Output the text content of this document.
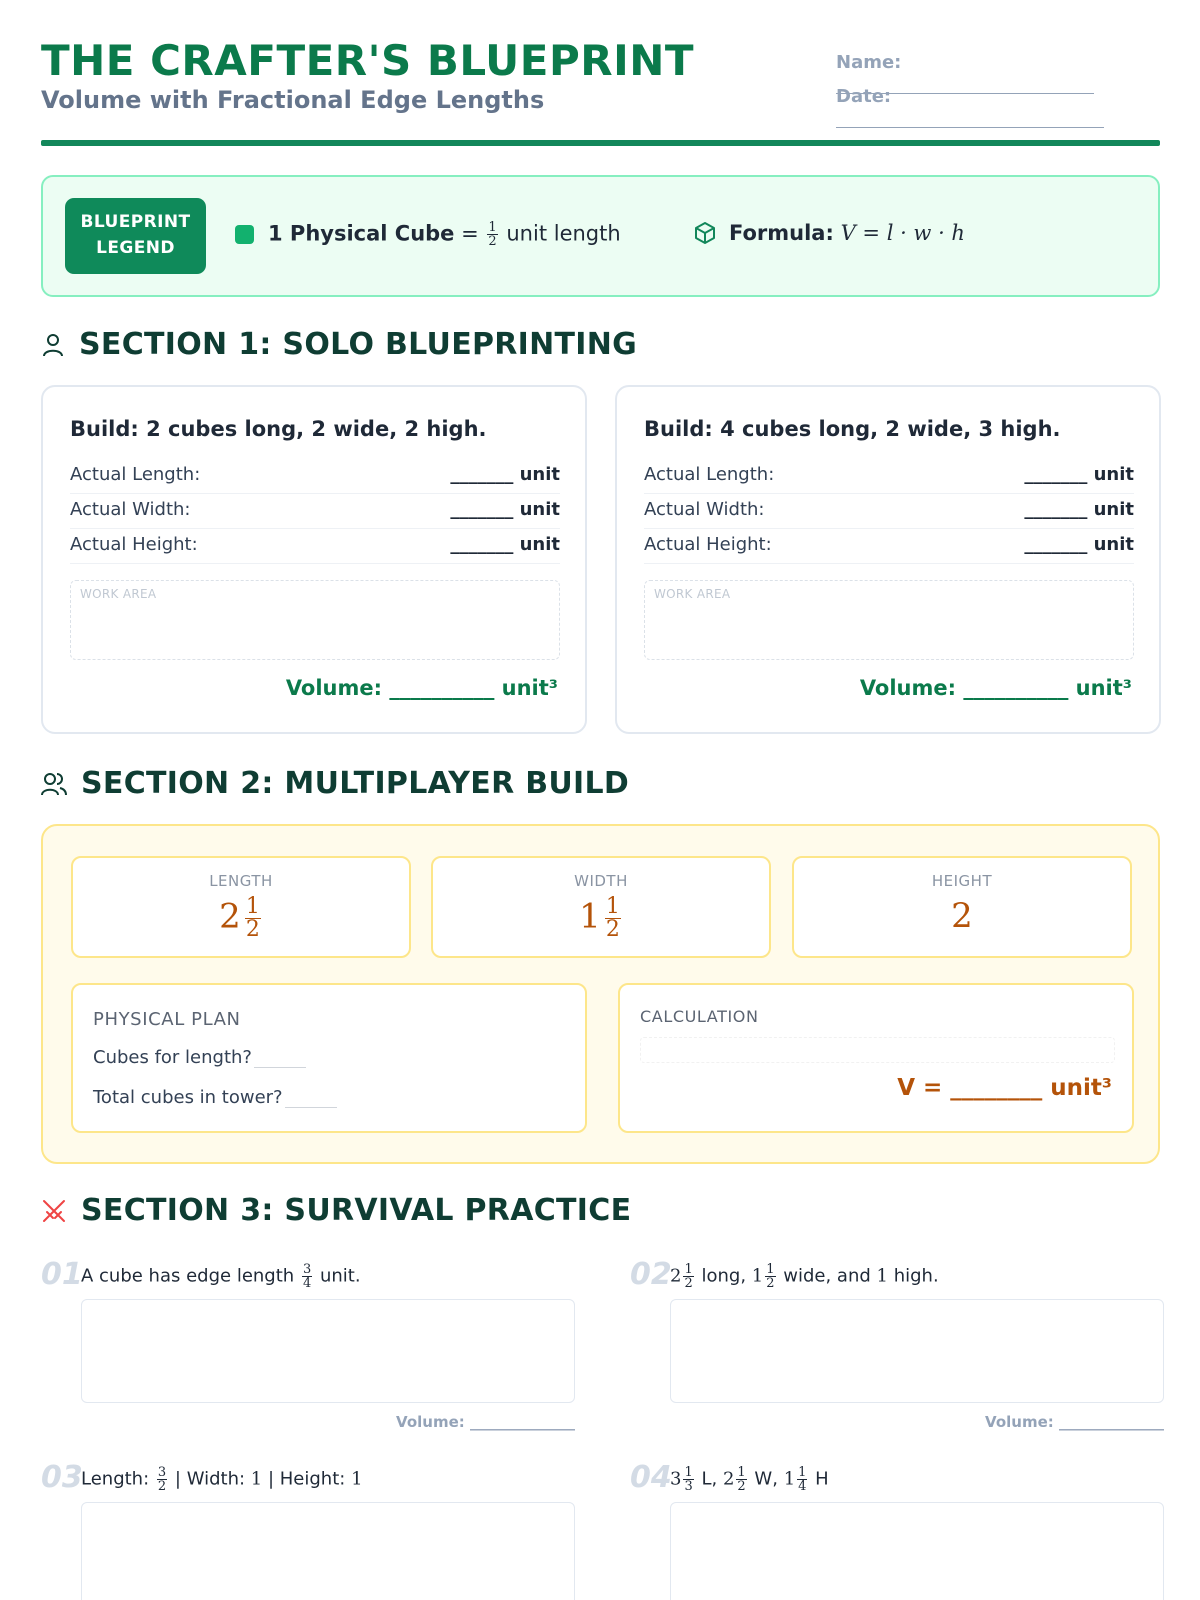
THE CRAFTER'S BLUEPRINT
Volume with Fractional Edge Lengths
Name:
Date:
BLUEPRINT
LEGEND
1 Physical Cube = $\frac{1}{2}$ unit length	Formula: V = l · w · h
SECTION 1: SOLO BLUEPRINTING
Build: 2 cubes long, 2 wide, 2 high.
Actual Length:	_______ unit
Actual Width:	_______ unit
Actual Height:	_______ unit
WORK AREA
Volume: __________ unit³
Build: 4 cubes long, 2 wide, 3 high.
Actual Length:	_______ unit
Actual Width:	_______ unit
Actual Height:	_______ unit
WORK AREA
Volume: __________ unit³
SECTION 2: MULTIPLAYER BUILD
LENGTH
$2 \frac{1}{2}$
WIDTH
$1 \frac{1}{2}$
HEIGHT
2
PHYSICAL PLAN
Cubes for length?
Total cubes in tower?
CALCULATION
V = ________ unit³
SECTION 3: SURVIVAL PRACTICE
01
A cube has edge length $\frac{3}{4}$ unit.
Volume: ______________
02
$2 \frac{1}{2}$ long, $1 \frac{1}{2}$ wide, and 1 high.
Volume: ______________
03
Length: $\frac{3}{2}$ | Width: 1 | Height: 1	04
$3 \frac{1}{3} L$, $2 \frac{1}{2} W$, $1 \frac{1}{4}$ H
